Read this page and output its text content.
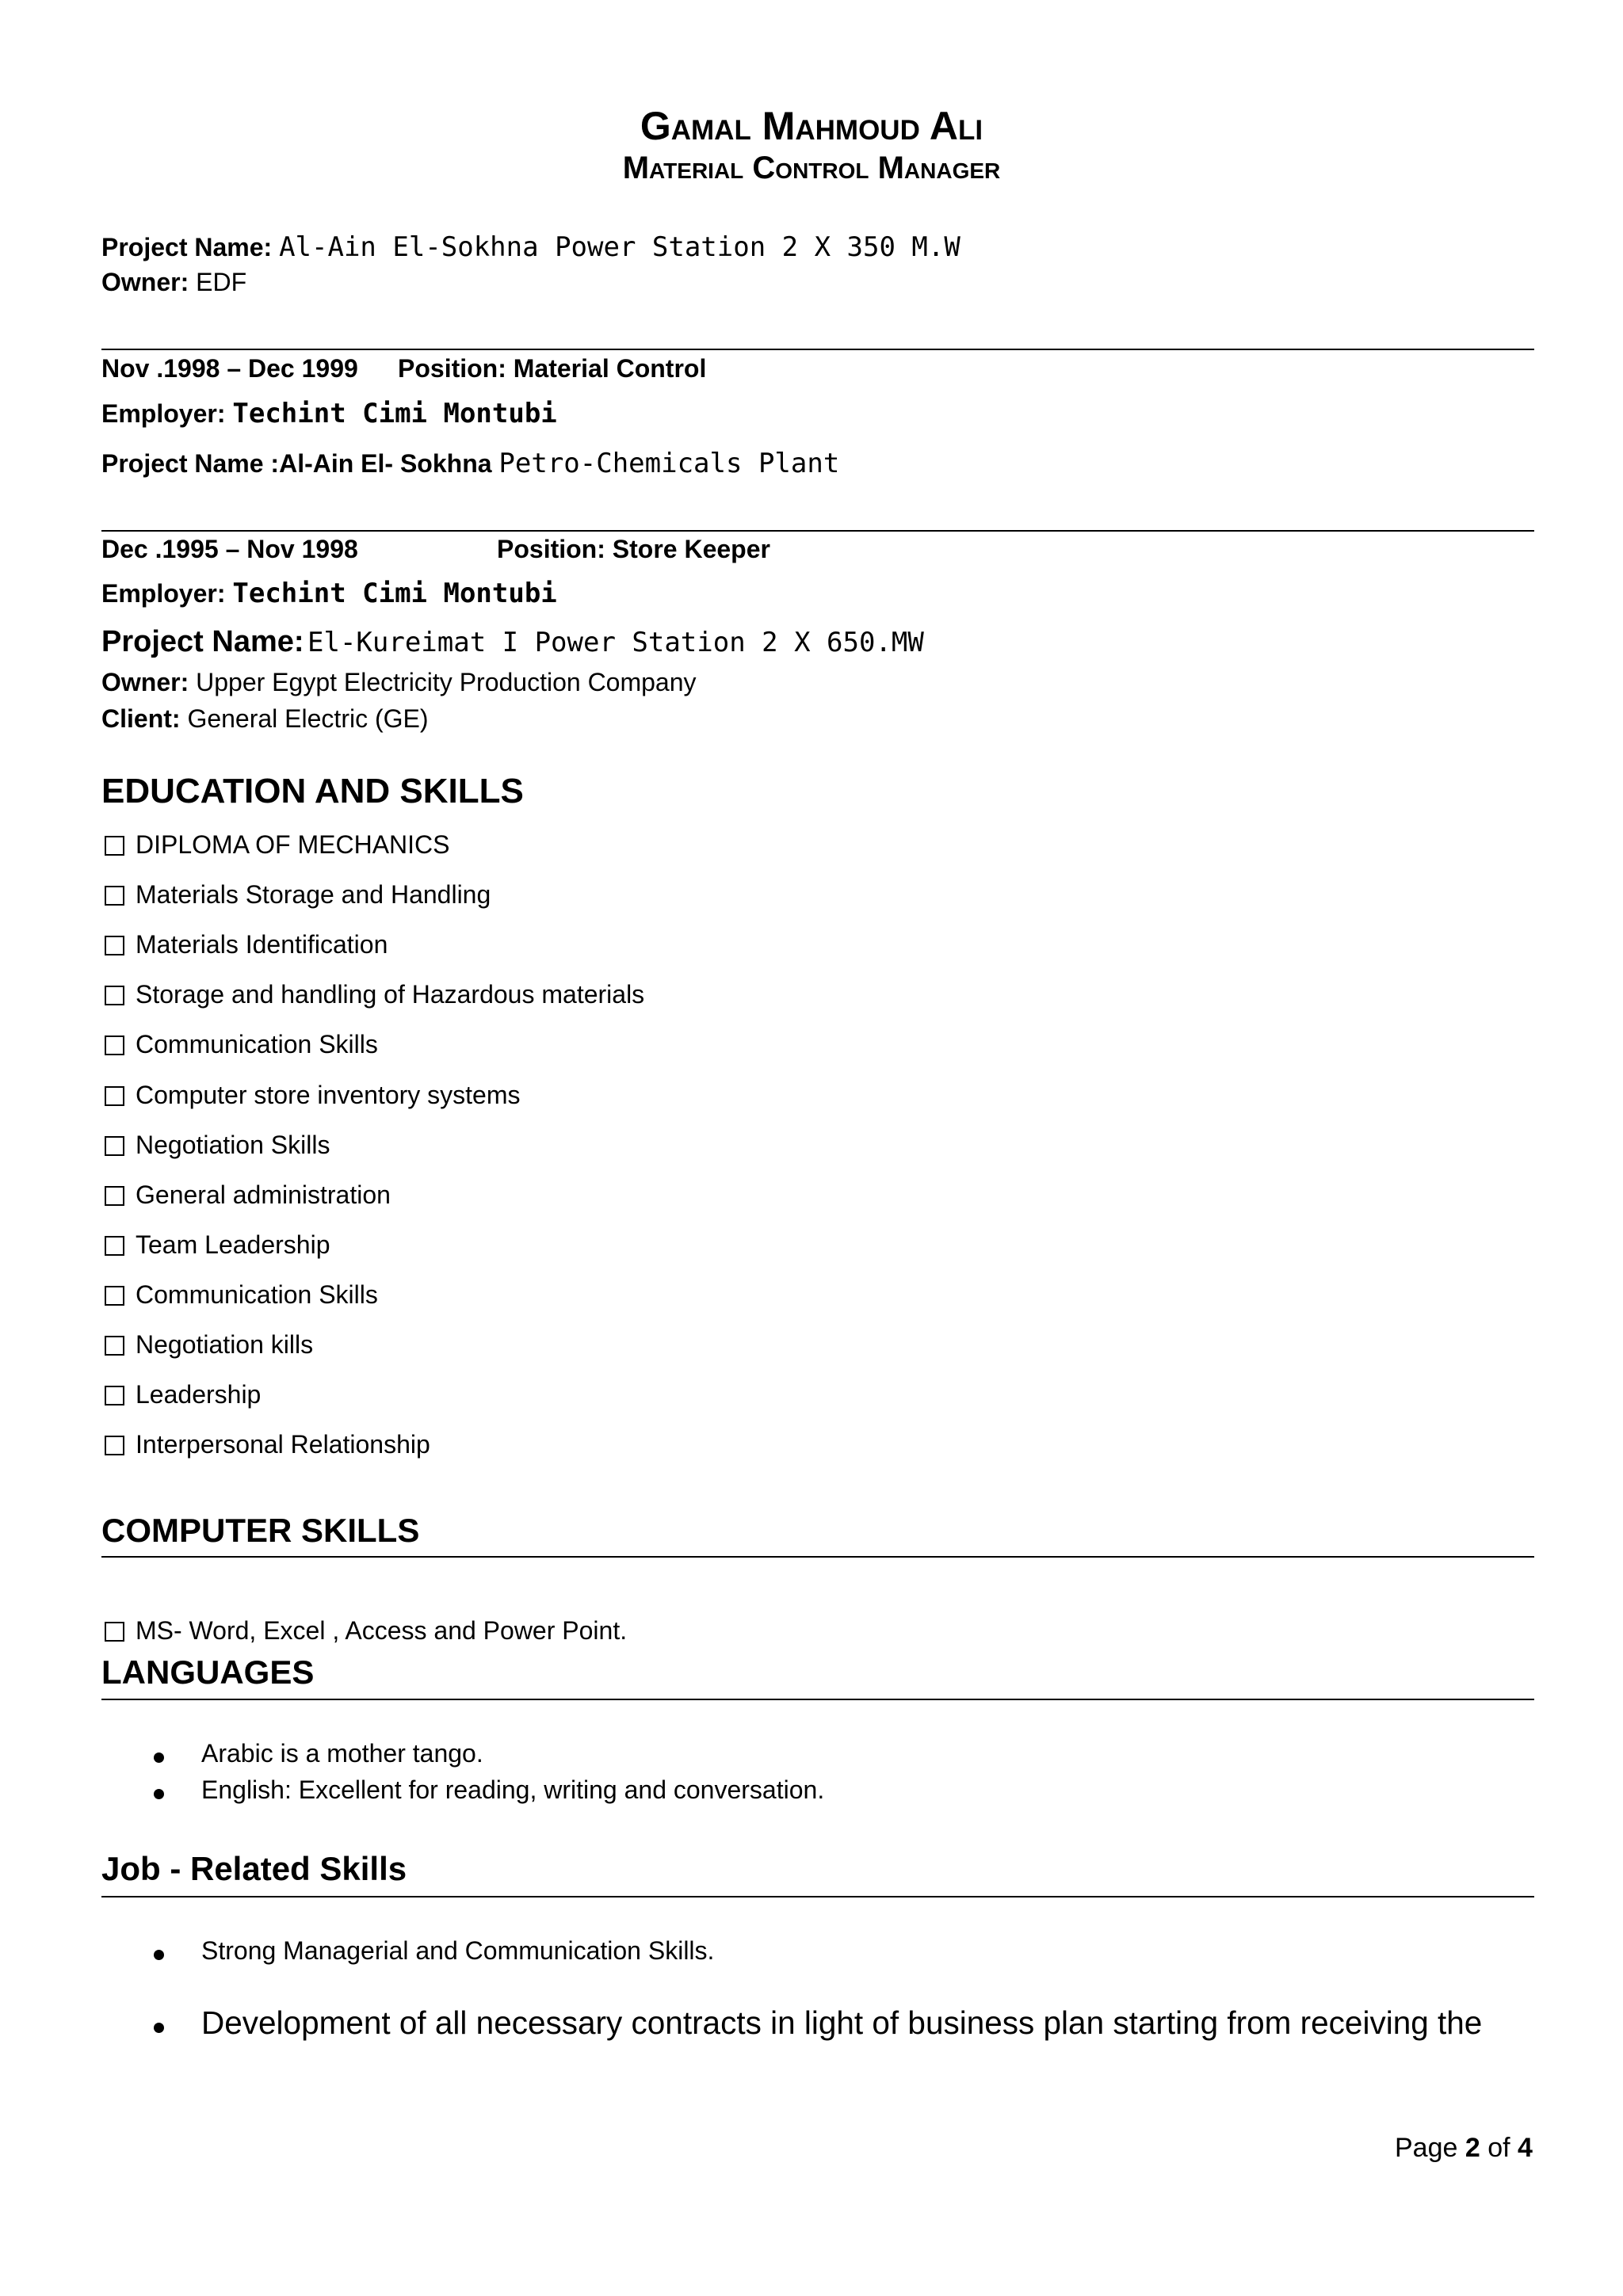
Gamal Mahmoud Ali
Material Control Manager
Project Name: Al-Ain El-Sokhna Power Station 2 X 350 M.W
Owner: EDF
Nov .1998 – Dec 1999 Position: Material Control
Employer: Techint Cimi Montubi
Project Name :Al-Ain El- Sokhna Petro-Chemicals Plant
Dec .1995 – Nov 1998	Position: Store Keeper
Employer: Techint Cimi Montubi
Project Name: El-Kureimat I Power Station 2 X 650.MW
Owner: Upper Egypt Electricity Production Company
Client: General Electric (GE)
EDUCATION AND SKILLS
DIPLOMA OF MECHANICS
Materials Storage and Handling
Materials Identification
Storage and handling of Hazardous materials
Communication Skills
Computer store inventory systems
Negotiation Skills
General administration
Team Leadership
Communication Skills
Negotiation kills
Leadership
Interpersonal Relationship
COMPUTER SKILLS
MS- Word, Excel , Access and Power Point.
LANGUAGES
Arabic is a mother tango.
English: Excellent for reading, writing and conversation.
Job - Related Skills
Strong Managerial and Communication Skills.
Development of all necessary contracts in light of business plan starting from receiving the
Page 2 of 4
